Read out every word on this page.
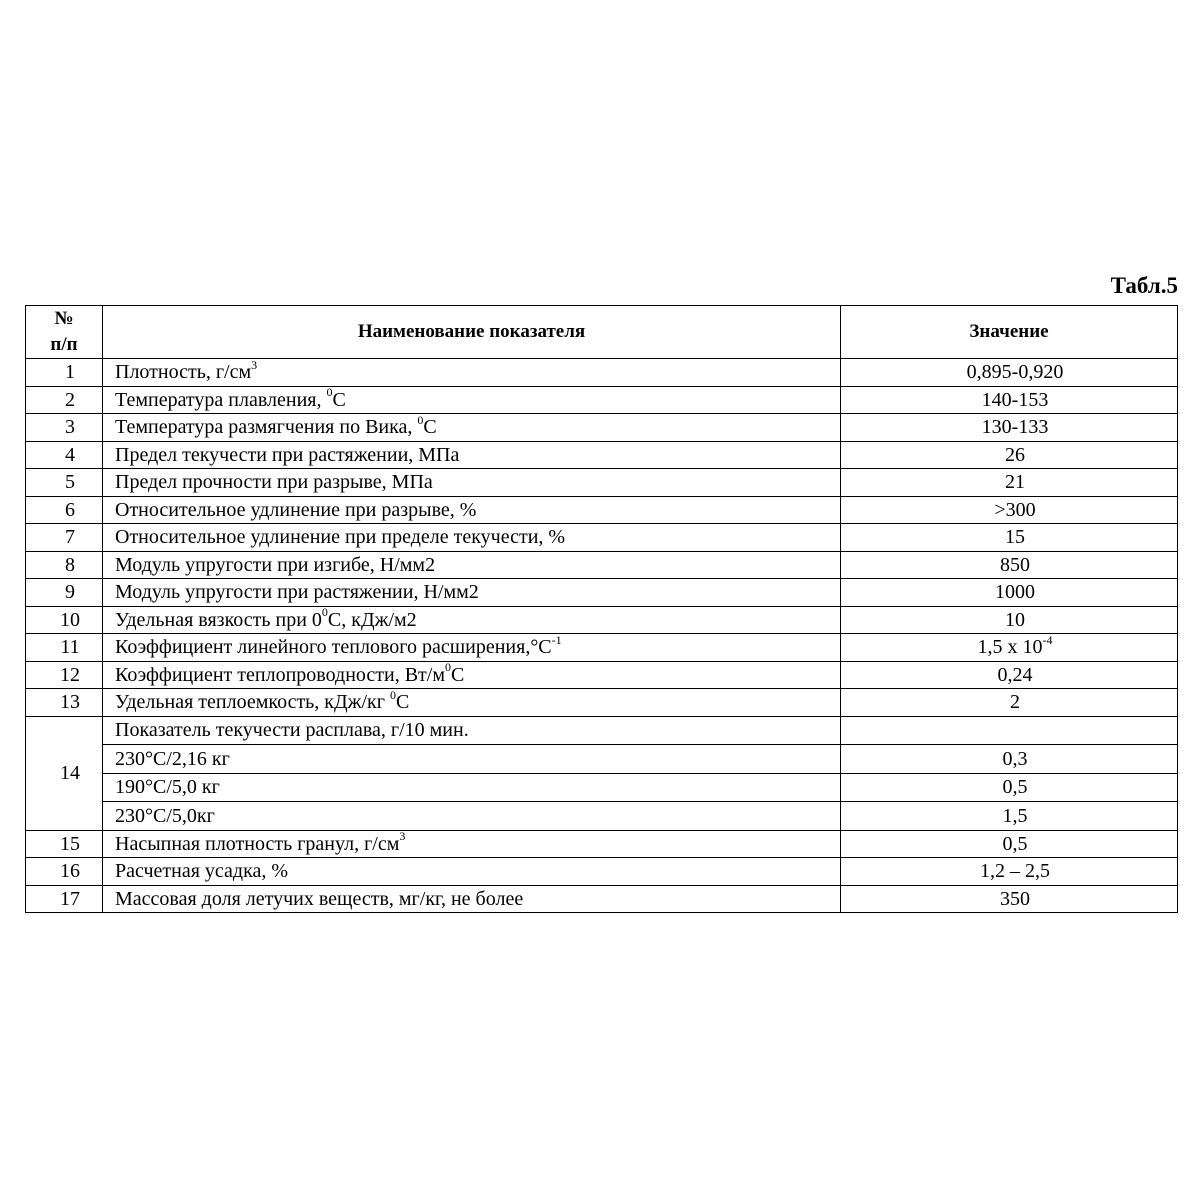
Табл.5
№
п/п	Наименование показателя	Значение
1	Плотность, $г/см^3$	0,895-0,920
2	Температура плавления, $^0$С	140-153
3	Температура размягчения по Вика, $^0$С	130-133
4	Предел текучести при растяжении, МПа	26
5	Предел прочности при разрыве, МПа	21
6	Относительное удлинение при разрыве, %	>300
7	Относительное удлинение при пределе текучести, %	15
8	Модуль упругости при изгибе, Н/мм2	850
9	Модуль упругости при растяжении, Н/мм2	1000
10	Удельная вязкость при $0^0С$, кДж/м2	10
11	Коэффициент линейного теплового $расширения,^\circ С^{-1}$	1,5 х $10^{-4}$
12	Коэффициент теплопроводности, $Вт/м^0С$	0,24
13	Удельная теплоемкость, кДж/кг $^0$С	2
14	Показатель текучести расплава, г/10 мин.	
	230°С/2,16 кг	0,3
	190°С/5,0 кг	0,5
	230°С/5,0кг	1,5
15	Насыпная плотность гранул, $г/см^3$	0,5
16	Расчетная усадка, %	1,2 – 2,5
17	Массовая доля летучих веществ, мг/кг, не более	350
